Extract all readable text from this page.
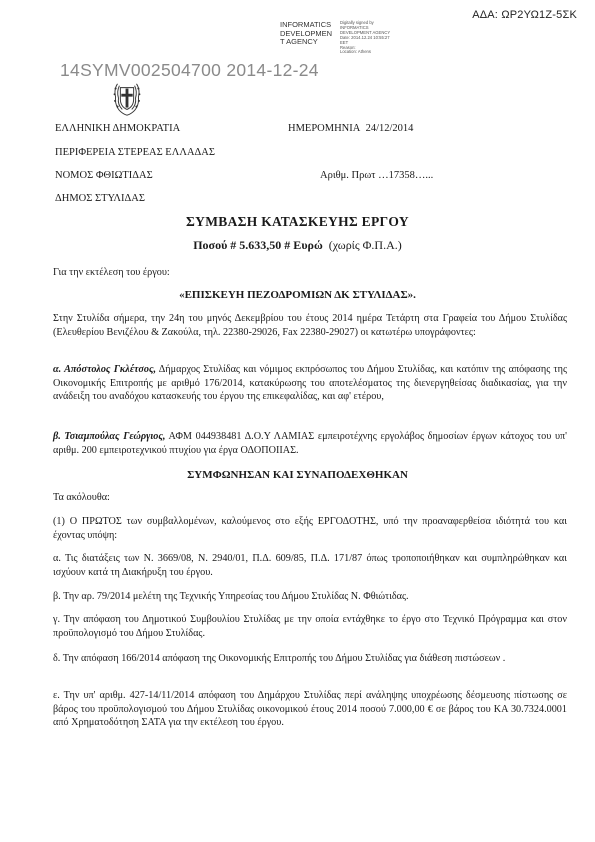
ΑΔΑ: ΩΡ2ΥΩ1Ζ-5ΣΚ
INFORMATICS
DEVELOPMEN
T AGENCY
Digitally signed by
INFORMATICS
DEVELOPMENT AGENCY
Date: 2014.12.24 10:55:27
EET
Reason:
Location: Athens
14SYMV002504700 2014-12-24
ΕΛΛΗΝΙΚΗ ΔΗΜΟΚΡΑΤΙΑ	ΗΜΕΡΟΜΗΝΙΑ 24/12/2014
ΠΕΡΙΦΕΡΕΙΑ ΣΤΕΡΕΑΣ ΕΛΛΑΔΑΣ
ΝΟΜΟΣ ΦΘΙΩΤΙΔΑΣ	Αριθμ. Πρωτ …17358…...
ΔΗΜΟΣ ΣΤΥΛΙΔΑΣ
ΣΥΜΒΑΣΗ ΚΑΤΑΣΚΕΥΗΣ ΕΡΓΟΥ
Ποσού # 5.633,50 # Ευρώ (χωρίς Φ.Π.Α.)
Για την εκτέλεση του έργου:
«ΕΠΙΣΚΕΥΗ ΠΕΖΟΔΡΟΜΙΩΝ ΔΚ ΣΤΥΛΙΔΑΣ».
Στην Στυλίδα σήμερα, την 24η του μηνός Δεκεμβρίου του έτους 2014 ημέρα Τετάρτη στα Γραφεία του Δήμου Στυλίδας (Ελευθερίου Βενιζέλου & Ζακούλα, τηλ. 22380-29026, Fax 22380-29027) οι κατωτέρω υπογράφοντες:
α. Απόστολος Γκλέτσος, Δήμαρχος Στυλίδας και νόμιμος εκπρόσωπος του Δήμου Στυλίδας, και κατόπιν της απόφασης της Οικονομικής Επιτροπής με αριθμό 176/2014, κατακύρωσης του αποτελέσματος της διενεργηθείσας διαδικασίας, για την ανάδειξη του αναδόχου κατασκευής του έργου της επικεφαλίδας, και αφ' ετέρου,
β. Τσιαμπούλας Γεώργιος, ΑΦΜ 044938481 Δ.Ο.Υ ΛΑΜΙΑΣ εμπειροτέχνης εργολάβος δημοσίων έργων κάτοχος του υπ' αριθμ. 200 εμπειροτεχνικού πτυχίου για έργα ΟΔΟΠΟΙΙΑΣ.
ΣΥΜΦΩΝΗΣΑΝ ΚΑΙ ΣΥΝΑΠΟΔΕΧΘΗΚΑΝ
Τα ακόλουθα:
(1) Ο ΠΡΩΤΟΣ των συμβαλλομένων, καλούμενος στο εξής ΕΡΓΟΔΟΤΗΣ, υπό την προαναφερθείσα ιδιότητά του και έχοντας υπόψη:
α. Τις διατάξεις των Ν. 3669/08, Ν. 2940/01, Π.Δ. 609/85, Π.Δ. 171/87 όπως τροποποιήθηκαν και συμπληρώθηκαν και ισχύουν κατά τη Διακήρυξη του έργου.
β. Την αρ. 79/2014 μελέτη της Τεχνικής Υπηρεσίας του Δήμου Στυλίδας Ν. Φθιώτιδας.
γ. Την απόφαση του Δημοτικού Συμβουλίου Στυλίδας με την οποία εντάχθηκε το έργο στο Τεχνικό Πρόγραμμα και στον προϋπολογισμό του Δήμου Στυλίδας.
δ. Την απόφαση 166/2014 απόφαση της Οικονομικής Επιτροπής του Δήμου Στυλίδας για διάθεση πιστώσεων .
ε. Την υπ' αριθμ. 427-14/11/2014 απόφαση του Δημάρχου Στυλίδας περί ανάληψης υποχρέωσης δέσμευσης πίστωσης σε βάρος του προϋπολογισμού του Δήμου Στυλίδας οικονομικού έτους 2014 ποσού 7.000,00 € σε βάρος του ΚΑ 30.7324.0001 από Χρηματοδότηση ΣΑΤΑ για την εκτέλεση του έργου.
